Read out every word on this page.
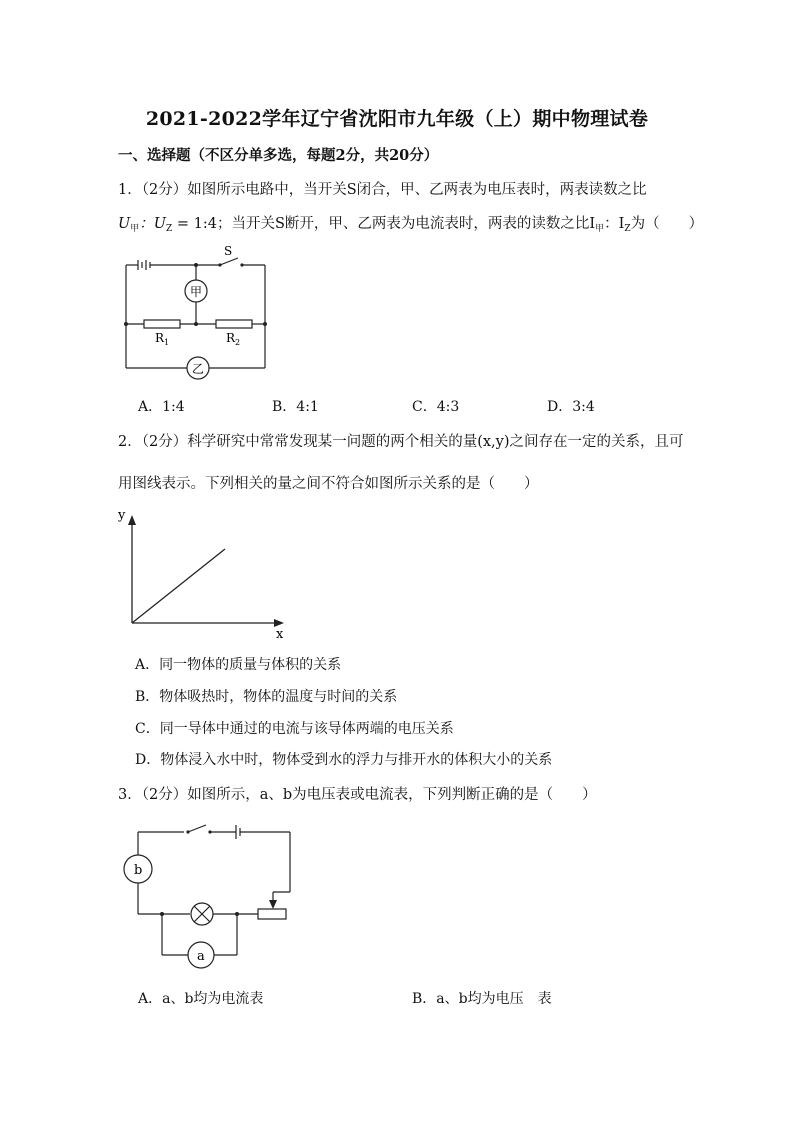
2021-2022学年辽宁省沈阳市九年级（上）期中物理试卷
一、选择题（不区分单多选，每题2分，共20分）
1．（2分）如图所示电路中，当开关S闭合，甲、乙两表为电压表时，两表读数之比
$U_甲$：$U_Z$ = 1:4；当开关S断开，甲、乙两表为电流表时，两表的读数之比$I_甲$：$I_Z$为（　　）
S
甲
乙
$R_1$	$R_2$
A．1:4	B．4:1	C．4:3	D．3:4
2．（2分）科学研究中常常发现某一问题的两个相关的量(x,y)之间存在一定的关系，且可
用图线表示。下列相关的量之间不符合如图所示关系的是（　　）
y
x
A．同一物体的质量与体积的关系
B．物体吸热时，物体的温度与时间的关系
C．同一导体中通过的电流与该导体两端的电压关系
D．物体浸入水中时，物体受到水的浮力与排开水的体积大小的关系
3．（2分）如图所示，a、b为电压表或电流表，下列判断正确的是（　　）
b
a
A．a、b均为电流表	B．a、b均为电压　表
